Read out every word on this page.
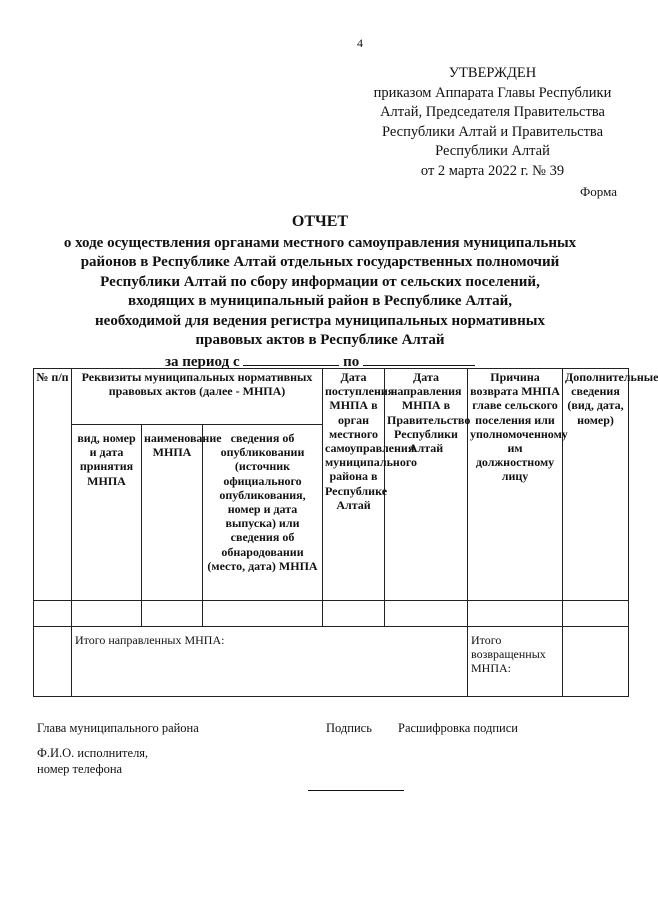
4
УТВЕРЖДЕН
приказом Аппарата Главы Республики
Алтай, Председателя Правительства
Республики Алтай и Правительства
Республики Алтай
от 2 марта 2022 г. № 39
Форма
ОТЧЕТ
о ходе осуществления органами местного самоуправления муниципальных
районов в Республике Алтай отдельных государственных полномочий
Республики Алтай по сбору информации от сельских поселений,
входящих в муниципальный район в Республике Алтай,
необходимой для ведения регистра муниципальных нормативных
правовых актов в Республике Алтай
за период с	по
№ п/п	Реквизиты муниципальных нормативных правовых актов (далее - МНПА)			Дата поступления МНПА в орган местного самоуправления муниципального района в Республике Алтай	Дата направления МНПА в Правительство Республики Алтай	Причина возврата МНПА главе сельского поселения или уполномоченному им должностному лицу	Дополнительные сведения (вид, дата, номер)
	вид, номер и дата принятия МНПА	наименование МНПА	сведения об опубликовании (источник официального опубликования, номер и дата выпуска) или сведения об обнародовании (место, дата) МНПА				

	Итого направленных МНПА:					Итого возвращенных МНПА:	
Глава муниципального района	Подпись Расшифровка подписи
Ф.И.О. исполнителя,
номер телефона
